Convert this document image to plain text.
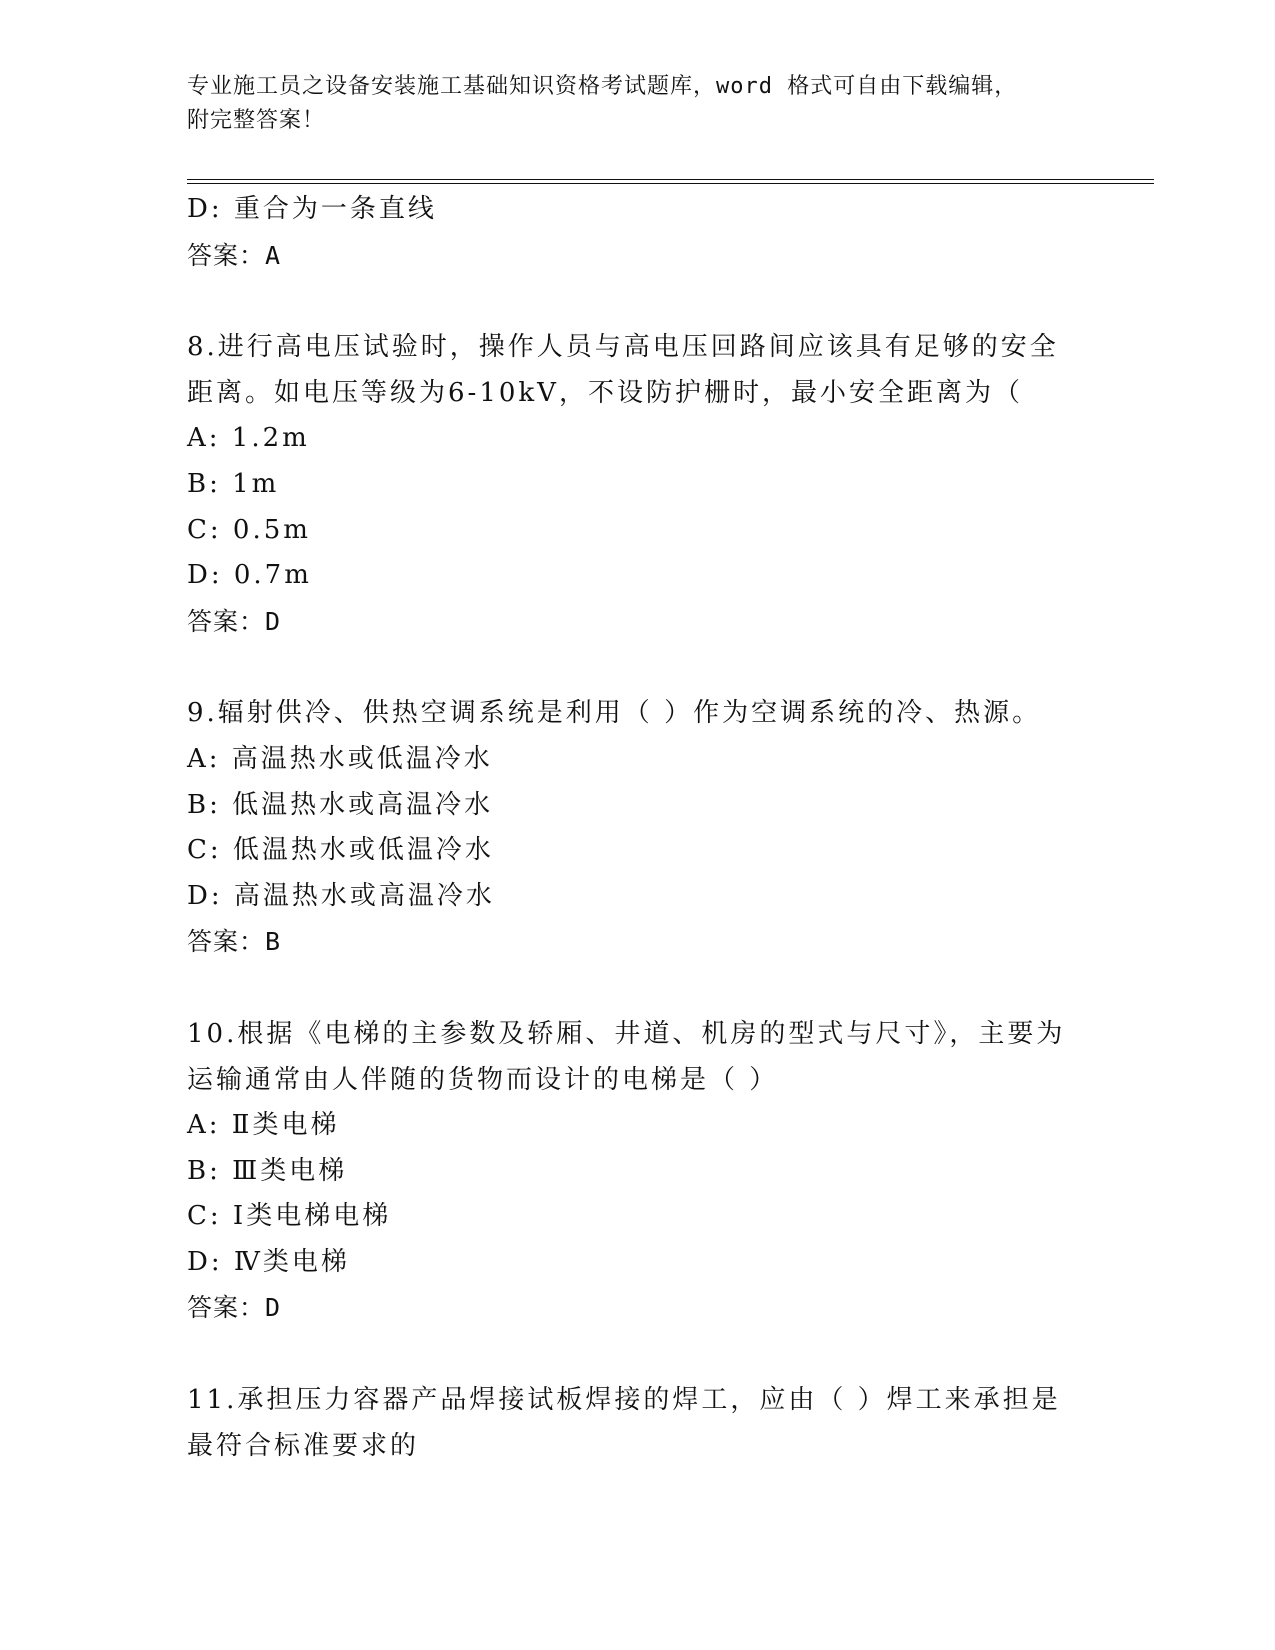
专业施工员之设备安装施工基础知识资格考试题库，word 格式可自由下载编辑，
附完整答案！
D: 重合为一条直线
答案：A
8.进行高电压试验时，操作人员与高电压回路间应该具有足够的安全
距离。如电压等级为6-10kV，不设防护栅时，最小安全距离为（
A: 1.2m
B: 1m
C: 0.5m
D: 0.7m
答案：D
9.辐射供冷、供热空调系统是利用（ ）作为空调系统的冷、热源。
A: 高温热水或低温冷水
B: 低温热水或高温冷水
C: 低温热水或低温冷水
D: 高温热水或高温冷水
答案：B
10.根据《电梯的主参数及轿厢、井道、机房的型式与尺寸》，主要为
运输通常由人伴随的货物而设计的电梯是（ ）
A: Ⅱ类电梯
B: Ⅲ类电梯
C: Ⅰ类电梯电梯
D: Ⅳ类电梯
答案：D
11.承担压力容器产品焊接试板焊接的焊工，应由（ ）焊工来承担是
最符合标准要求的
